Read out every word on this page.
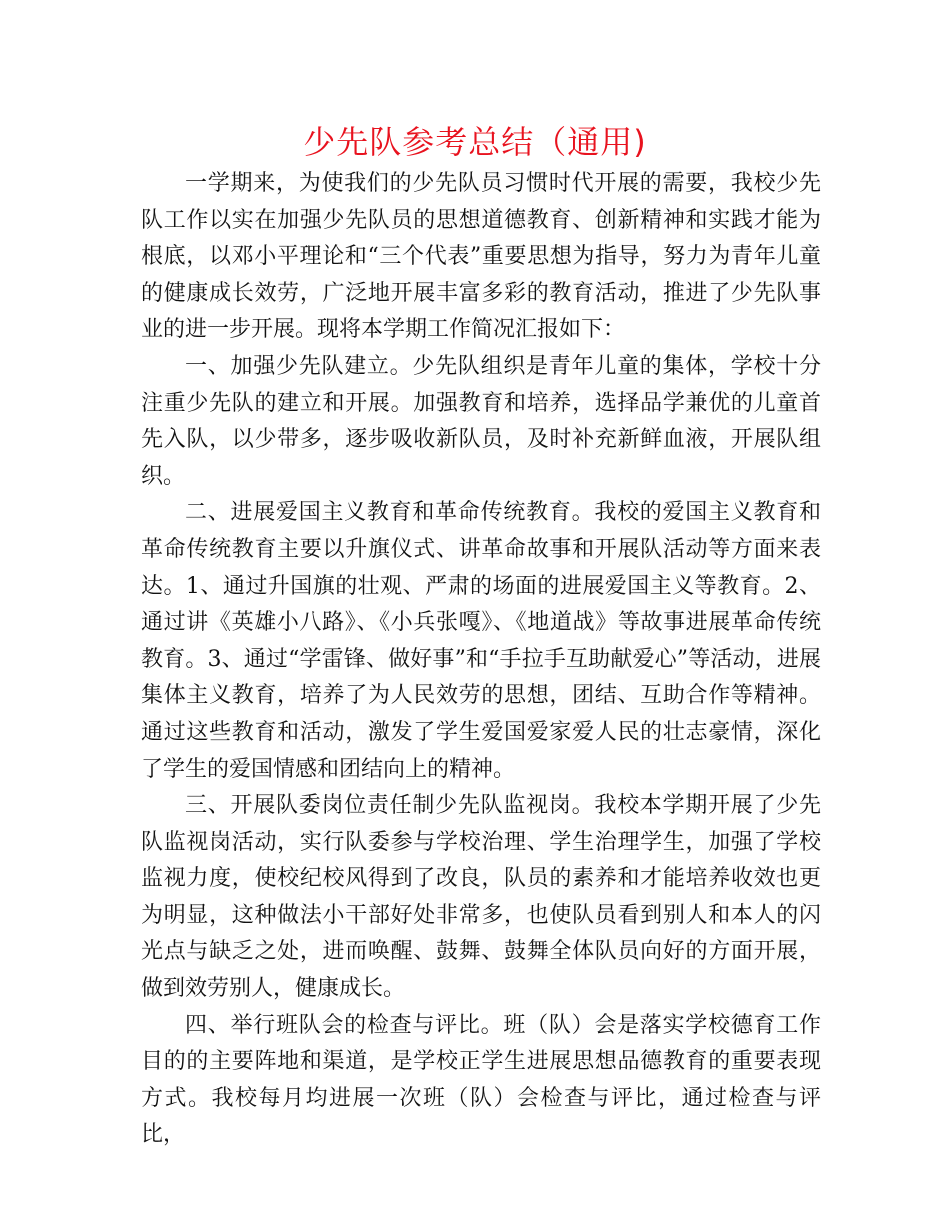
少先队参考总结（通用)

一学期来，为使我们的少先队员习惯时代开展的需要，我校少先队工作以实在加强少先队员的思想道德教育、创新精神和实践才能为根底，以邓小平理论和“三个代表”重要思想为指导，努力为青年儿童的健康成长效劳，广泛地开展丰富多彩的教育活动，推进了少先队事业的进一步开展。现将本学期工作简况汇报如下：

一、加强少先队建立。少先队组织是青年儿童的集体，学校十分注重少先队的建立和开展。加强教育和培养，选择品学兼优的儿童首先入队，以少带多，逐步吸收新队员，及时补充新鲜血液，开展队组织。

二、进展爱国主义教育和革命传统教育。我校的爱国主义教育和革命传统教育主要以升旗仪式、讲革命故事和开展队活动等方面来表达。1、通过升国旗的壮观、严肃的场面的进展爱国主义等教育。2、通过讲《英雄小八路》、《小兵张嘎》、《地道战》等故事进展革命传统教育。3、通过“学雷锋、做好事”和“手拉手互助献爱心”等活动，进展集体主义教育，培养了为人民效劳的思想，团结、互助合作等精神。通过这些教育和活动，激发了学生爱国爱家爱人民的壮志豪情，深化了学生的爱国情感和团结向上的精神。

三、开展队委岗位责任制少先队监视岗。我校本学期开展了少先队监视岗活动，实行队委参与学校治理、学生治理学生，加强了学校监视力度，使校纪校风得到了改良，队员的素养和才能培养收效也更为明显，这种做法小干部好处非常多，也使队员看到别人和本人的闪光点与缺乏之处，进而唤醒、鼓舞、鼓舞全体队员向好的方面开展，做到效劳别人，健康成长。

四、举行班队会的检查与评比。班（队）会是落实学校德育工作目的的主要阵地和渠道，是学校正学生进展思想品德教育的重要表现方式。我校每月均进展一次班（队）会检查与评比，通过检查与评比，
